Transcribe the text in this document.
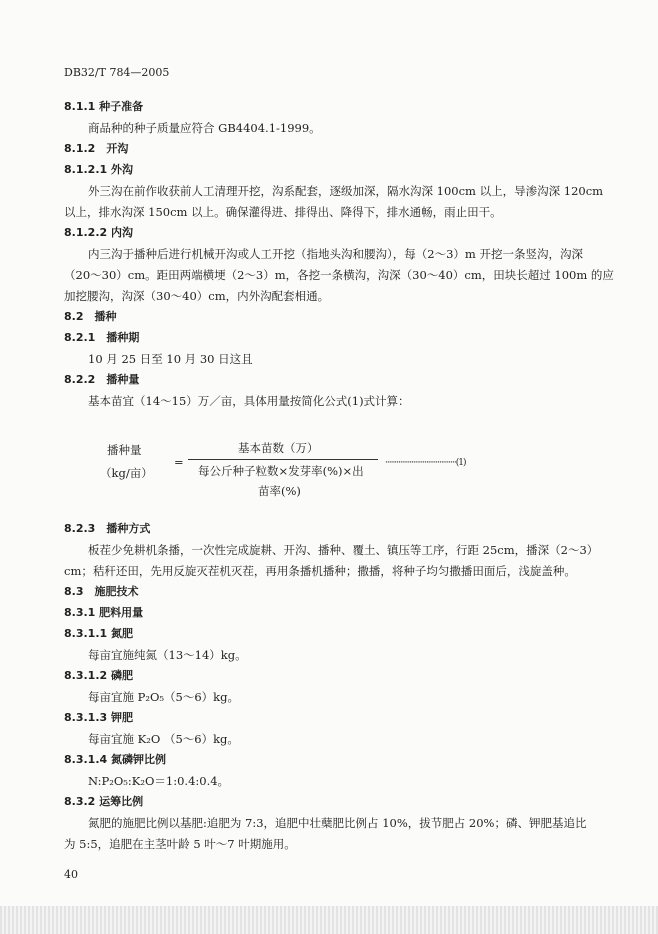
DB32/T 784—2005
8.1.1 种子准备
商品种的种子质量应符合 GB4404.1-1999。
8.1.2　开沟
8.1.2.1 外沟
外三沟在前作收获前人工清理开挖，沟系配套，逐级加深，隔水沟深 100cm 以上，导渗沟深 120cm
以上，排水沟深 150cm 以上。确保灌得进、排得出、降得下，排水通畅，雨止田干。
8.1.2.2 内沟
内三沟于播种后进行机械开沟或人工开挖（指地头沟和腰沟），每（2～3）m 开挖一条竖沟，沟深
（20～30）cm。距田两端横埂（2～3）m，各挖一条横沟，沟深（30～40）cm，田块长超过 100m 的应
加挖腰沟，沟深（30～40）cm，内外沟配套相通。
8.2　播种
8.2.1　播种期
10 月 25 日至 10 月 30 日这且
8.2.2　播种量
基本苗宜（14～15）万／亩，具体用量按简化公式(1)式计算：
播种量
（kg/亩）
=
基本苗数（万）
每公斤种子粒数×发芽率(%)×出
苗率(%)
······································(1)
8.2.3　播种方式
板茬少免耕机条播，一次性完成旋耕、开沟、播种、覆土、镇压等工序，行距 25cm，播深（2～3）
cm；秸秆还田，先用反旋灭茬机灭茬，再用条播机播种；撒播，将种子均匀撒播田面后，浅旋盖种。
8.3　施肥技术
8.3.1 肥料用量
8.3.1.1 氮肥
每亩宜施纯氮（13～14）kg。
8.3.1.2 磷肥
每亩宜施 P₂O₅（5～6）kg。
8.3.1.3 钾肥
每亩宜施 K₂O （5～6）kg。
8.3.1.4 氮磷钾比例
N:P₂O₅:K₂O＝1:0.4:0.4。
8.3.2 运筹比例
氮肥的施肥比例以基肥:追肥为 7:3，追肥中壮蘖肥比例占 10%，拔节肥占 20%；磷、钾肥基追比
为 5:5，追肥在主茎叶龄 5 叶～7 叶期施用。
40
